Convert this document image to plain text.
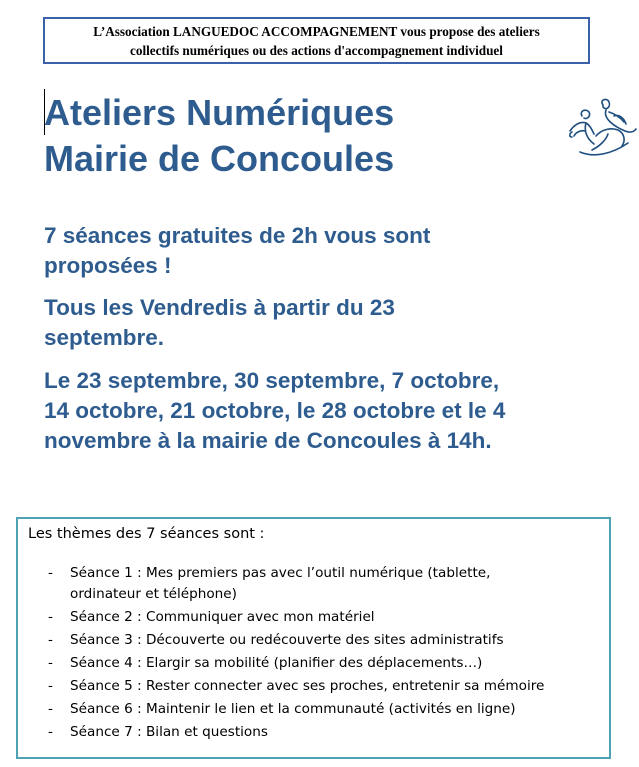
L’Association LANGUEDOC ACCOMPAGNEMENT vous propose des ateliers
collectifs numériques ou des actions d'accompagnement individuel
Ateliers Numériques
Mairie de Concoules
7 séances gratuites de 2h vous sont
proposées !
Tous les Vendredis à partir du 23
septembre.
Le 23 septembre, 30 septembre, 7 octobre,
14 octobre, 21 octobre, le 28 octobre et le 4
novembre à la mairie de Concoules à 14h.
Les thèmes des 7 séances sont :
- Séance 1 : Mes premiers pas avec l’outil numérique (tablette,
ordinateur et téléphone)
- Séance 2 : Communiquer avec mon matériel
- Séance 3 : Découverte ou redécouverte des sites administratifs
- Séance 4 : Elargir sa mobilité (planifier des déplacements…)
- Séance 5 : Rester connecter avec ses proches, entretenir sa mémoire
- Séance 6 : Maintenir le lien et la communauté (activités en ligne)
- Séance 7 : Bilan et questions
